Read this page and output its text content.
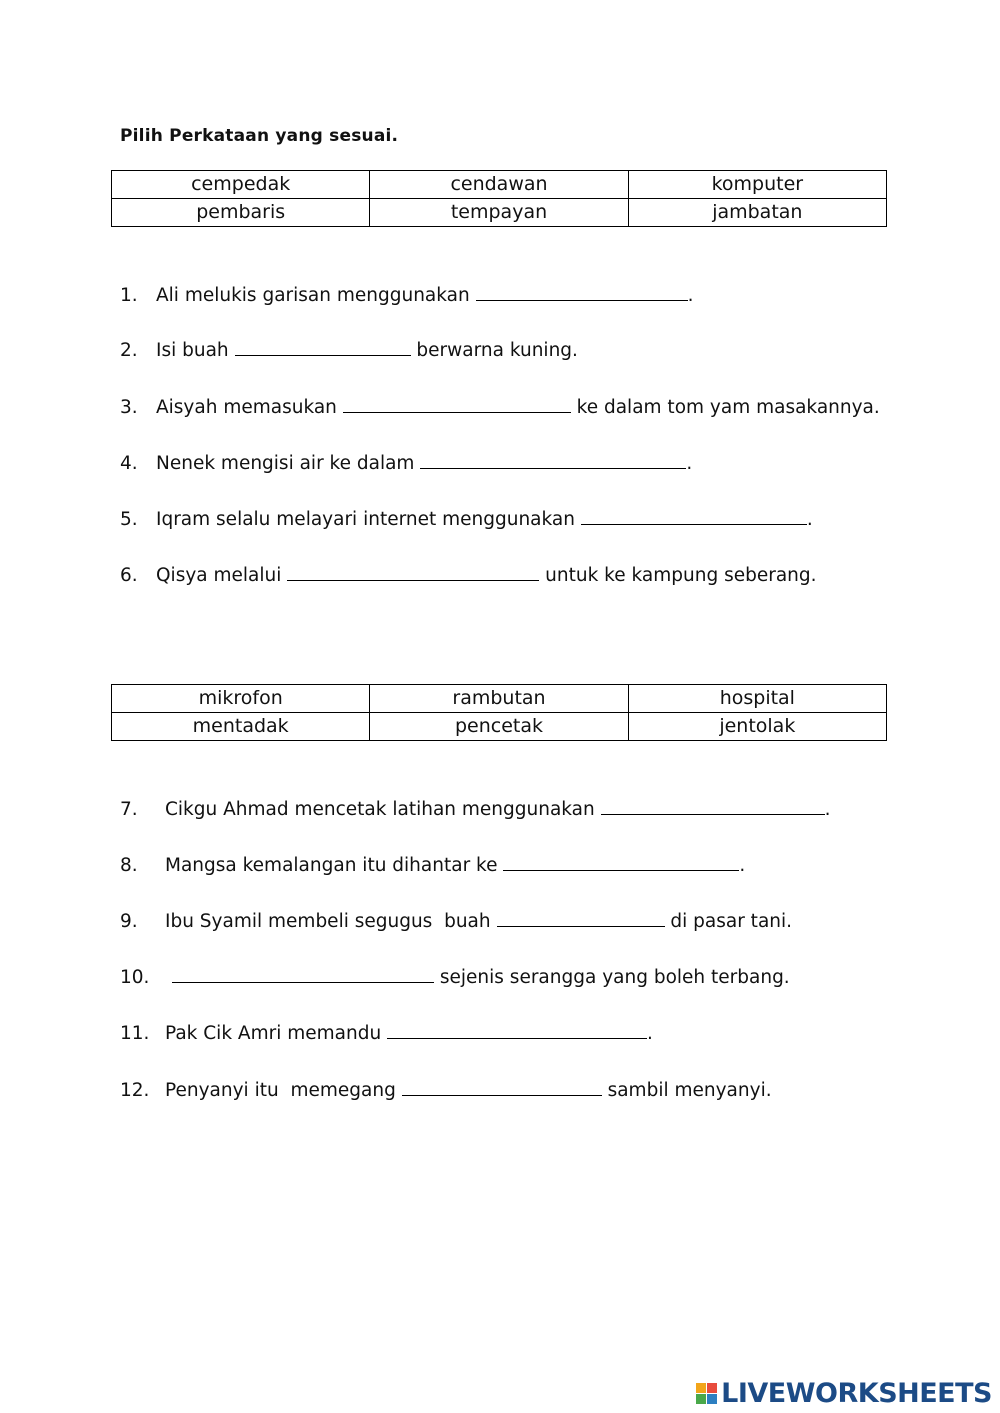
Pilih Perkataan yang sesuai.
cempedak	cendawan	komputer
pembaris	tempayan	jambatan
1. Ali melukis garisan menggunakan	.
2. Isi buah	berwarna kuning.
3. Aisyah memasukan	ke dalam tom yam masakannya.
4. Nenek mengisi air ke dalam	.
5. Iqram selalu melayari internet menggunakan	.
6. Qisya melalui	untuk ke kampung seberang.
mikrofon	rambutan	hospital
mentadak	pencetak	jentolak
7. Cikgu Ahmad mencetak latihan menggunakan	.
8. Mangsa kemalangan itu dihantar ke	.
9. Ibu Syamil membeli segugus  buah	di pasar tani.
10.	sejenis serangga yang boleh terbang.
11. Pak Cik Amri memandu	.
12. Penyanyi itu  memegang	sambil menyanyi.
LIVEWORKSHEETS
